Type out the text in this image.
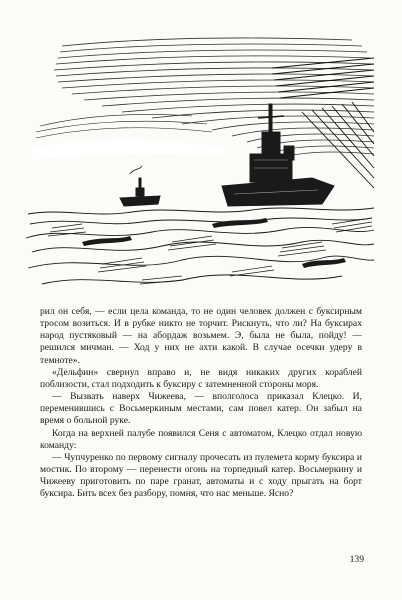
рил он себя, — если цела команда, то не один человек должен с буксирным тросом возиться. И в рубке никто не торчит. Рискнуть, что ли? На буксирах народ пустяковый — на абордаж возьмем. Э, была не была, пойду! — решился мичман. — Ход у них не ахти какой. В случае осечки удеру в темноте».

«Дельфин» свернул вправо и, не видя никаких других кораблей поблизости, стал подходить к буксиру с затемненной стороны моря.

— Вызвать наверх Чижеева, — вполголоса приказал Клецко. И, переменившись с Восьмеркиным местами, сам повел катер. Он забыл на время о больной руке.

Когда на верхней палубе появился Сеня с автоматом, Клецко отдал новую команду:

— Чупчуренко по первому сигналу прочесать из пулемета корму буксира и мостик. По второму — перенести огонь на торпедный катер. Восьмеркину и Чижееву приготовить по паре гранат, автоматы и с ходу прыгать на борт буксира. Бить всех без разбору, помня, что нас меньше. Ясно?

139
